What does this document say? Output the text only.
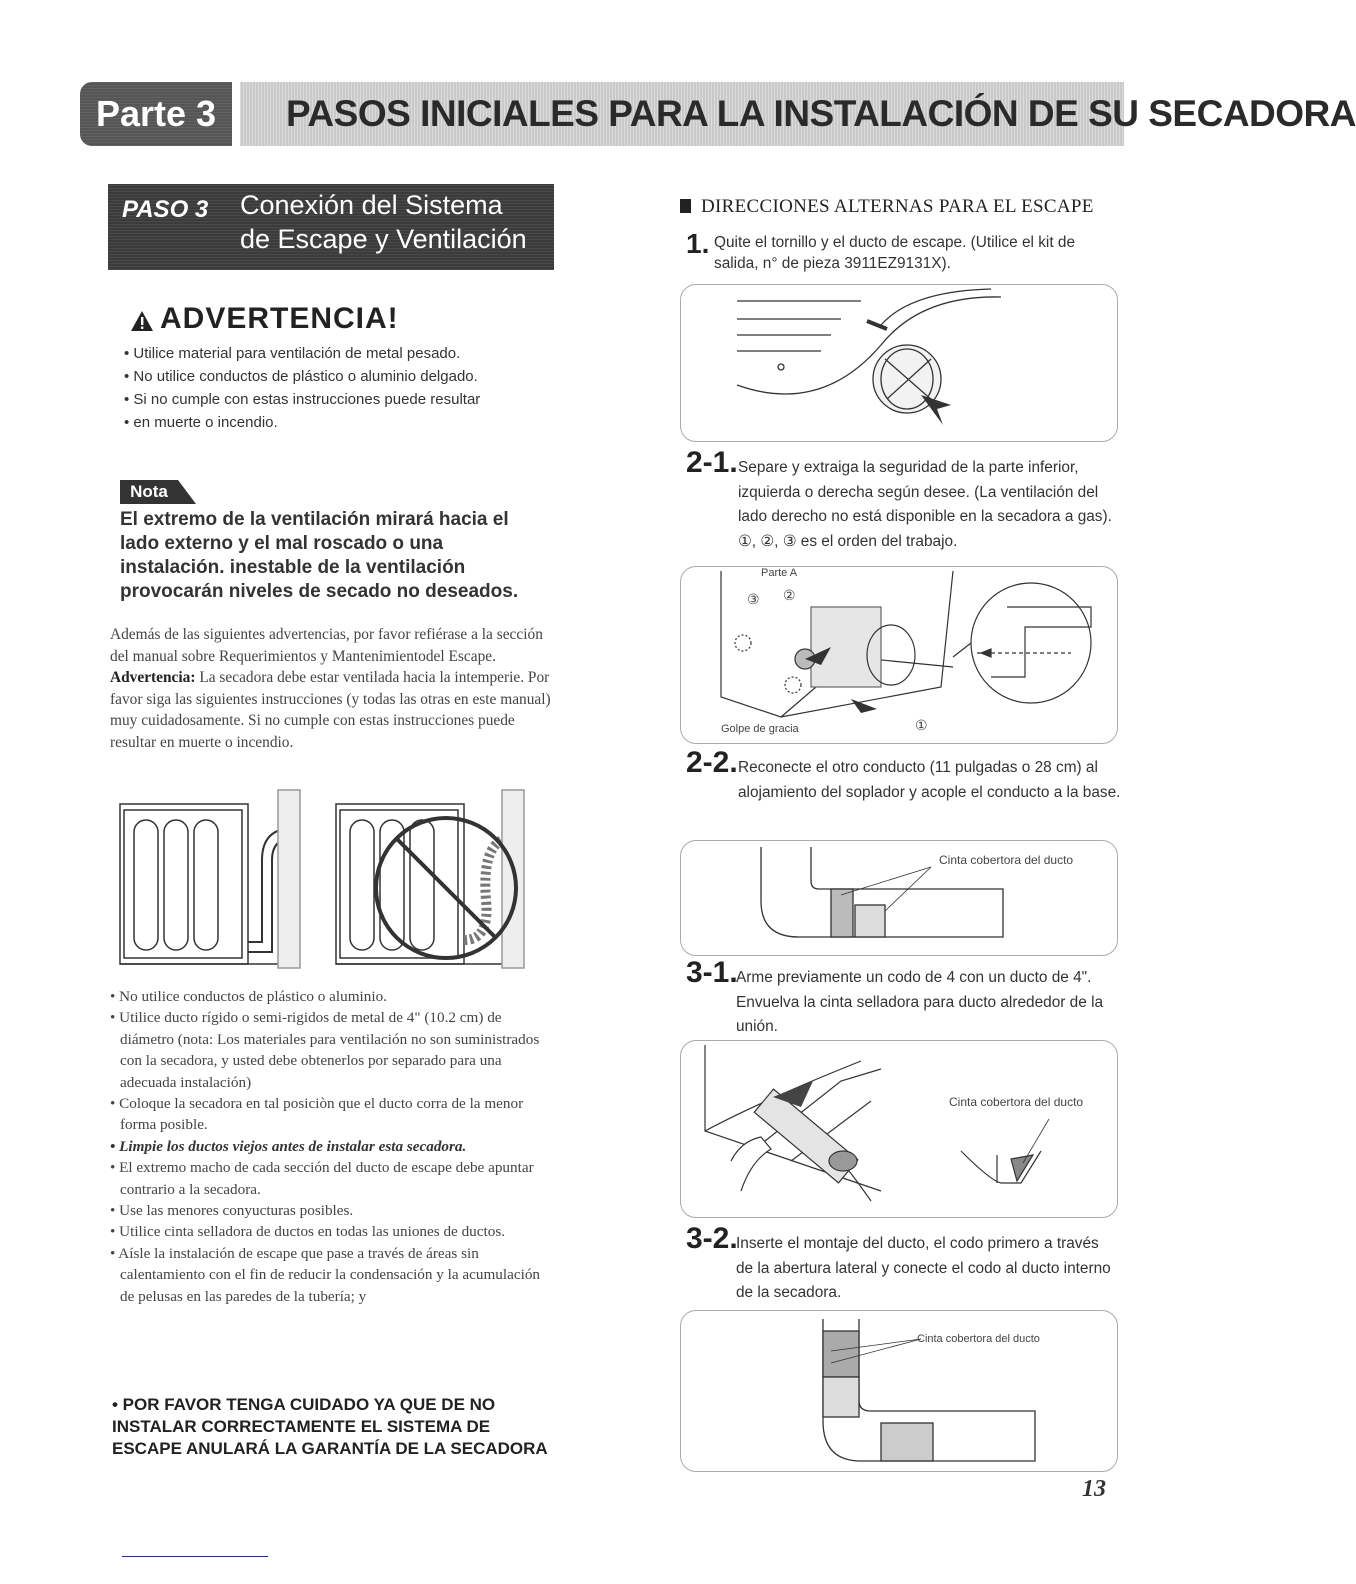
Parte 3	PASOS INICIALES PARA LA INSTALACIÓN DE SU SECADORA
PASO 3 Conexión del Sistema
de Escape y Ventilación
ADVERTENCIA!
• Utilice material para ventilación de metal pesado.
• No utilice conductos de plástico o aluminio delgado.
• Si no cumple con estas instrucciones puede resultar
• en muerte o incendio.
Nota
El extremo de la ventilación mirará hacia el lado externo y el mal roscado o una instalación. inestable de la ventilación provocarán niveles de secado no deseados.
Además de las siguientes advertencias, por favor refiérase a la sección del manual sobre Requerimientos y Mantenimientodel Escape. Advertencia: La secadora debe estar ventilada hacia la intemperie. Por favor siga las siguientes instrucciones (y todas las otras en este manual) muy cuidadosamente. Si no cumple con estas instrucciones puede resultar en muerte o incendio.
• No utilice conductos de plástico o aluminio.
• Utilice ducto rígido o semi-rigidos de metal de 4" (10.2 cm) de diámetro (nota: Los materiales para ventilación no son suministrados con la secadora, y usted debe obtenerlos por separado para una adecuada instalación)
• Coloque la secadora en tal posiciòn que el ducto corra de la menor forma posible.
• Limpie los ductos viejos antes de instalar esta secadora.
• El extremo macho de cada sección del ducto de escape debe apuntar contrario a la secadora.
• Use las menores conyucturas posibles.
• Utilice cinta selladora de ductos en todas las uniones de ductos.
• Aísle la instalación de escape que pase a través de áreas sin calentamiento con el fin de reducir la condensación y la acumulación de pelusas en las paredes de la tubería; y
• POR FAVOR TENGA CUIDADO YA QUE DE NO INSTALAR CORRECTAMENTE EL SISTEMA DE ESCAPE ANULARÁ LA GARANTÍA DE LA SECADORA
DIRECCIONES ALTERNAS PARA EL ESCAPE
1. Quite el tornillo y el ducto de escape. (Utilice el kit de salida, n° de pieza 3911EZ9131X).
2-1. Separe y extraiga la seguridad de la parte inferior, izquierda o derecha según desee. (La ventilación del lado derecho no está disponible en la secadora a gas). ①, ②, ③ es el orden del trabajo.
Parte A
③ ②
①
Golpe de gracia
2-2. Reconecte el otro conducto (11 pulgadas o 28 cm) al alojamiento del soplador y acople el conducto a la base.
Cinta cobertora del ducto
3-1.
Arme previamente un codo de 4 con un ducto de 4". Envuelva la cinta selladora para ducto alrededor de la unión.
Cinta cobertora del ducto
3-2.
Inserte el montaje del ducto, el codo primero a través de la abertura lateral y conecte el codo al ducto interno de la secadora.
Cinta cobertora del ducto
13
